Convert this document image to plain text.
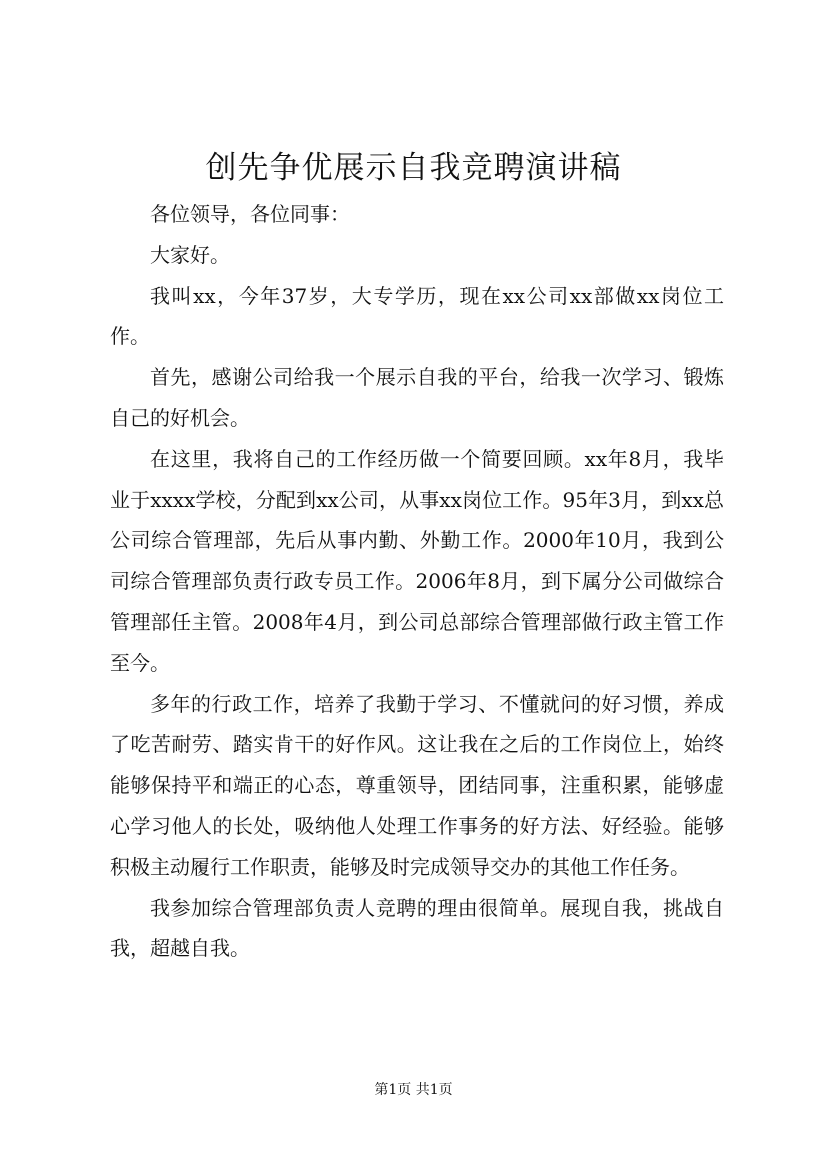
创先争优展示自我竞聘演讲稿

各位领导，各位同事：

大家好。

我叫xx，今年37岁，大专学历，现在xx公司xx部做xx岗位工作。

首先，感谢公司给我一个展示自我的平台，给我一次学习、锻炼自己的好机会。

在这里，我将自己的工作经历做一个简要回顾。xx年8月，我毕业于xxxx学校，分配到xx公司，从事xx岗位工作。95年3月，到xx总公司综合管理部，先后从事内勤、外勤工作。2000年10月，我到公司综合管理部负责行政专员工作。2006年8月，到下属分公司做综合管理部任主管。2008年4月，到公司总部综合管理部做行政主管工作至今。

多年的行政工作，培养了我勤于学习、不懂就问的好习惯，养成了吃苦耐劳、踏实肯干的好作风。这让我在之后的工作岗位上，始终能够保持平和端正的心态，尊重领导，团结同事，注重积累，能够虚心学习他人的长处，吸纳他人处理工作事务的好方法、好经验。能够积极主动履行工作职责，能够及时完成领导交办的其他工作任务。

我参加综合管理部负责人竞聘的理由很简单。展现自我，挑战自我，超越自我。

第1页 共1页
